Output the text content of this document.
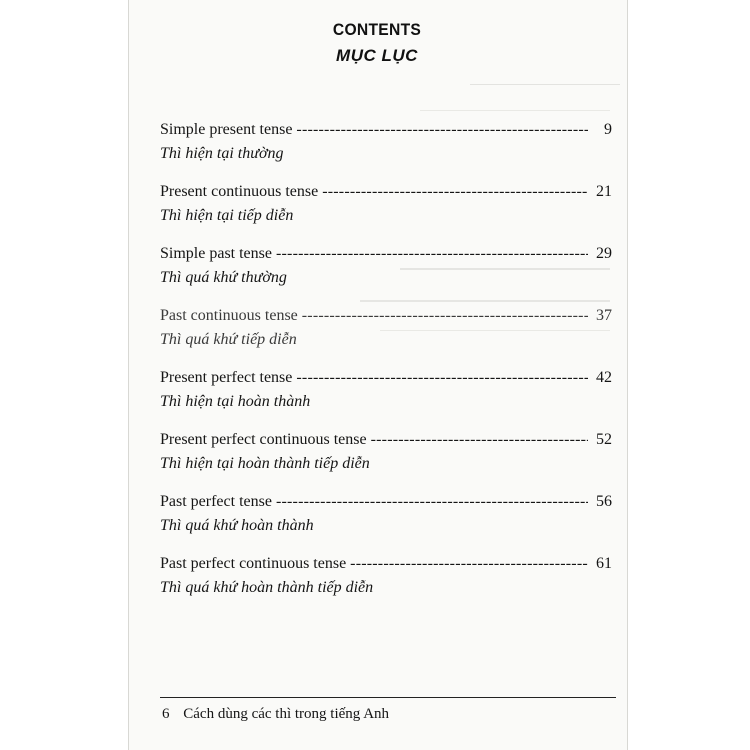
CONTENTS
MỤC LỤC
Simple present tense -----	9
Thì hiện tại thường
Present continuous tense -----	21
Thì hiện tại tiếp diễn
Simple past tense -----	29
Thì quá khứ thường
Past continuous tense -----	37
Thì quá khứ tiếp diễn
Present perfect tense -----	42
Thì hiện tại hoàn thành
Present perfect continuous tense -----	52
Thì hiện tại hoàn thành tiếp diễn
Past perfect tense -----	56
Thì quá khứ hoàn thành
Past perfect continuous tense -----	61
Thì quá khứ hoàn thành tiếp diễn
6 Cách dùng các thì trong tiếng Anh
